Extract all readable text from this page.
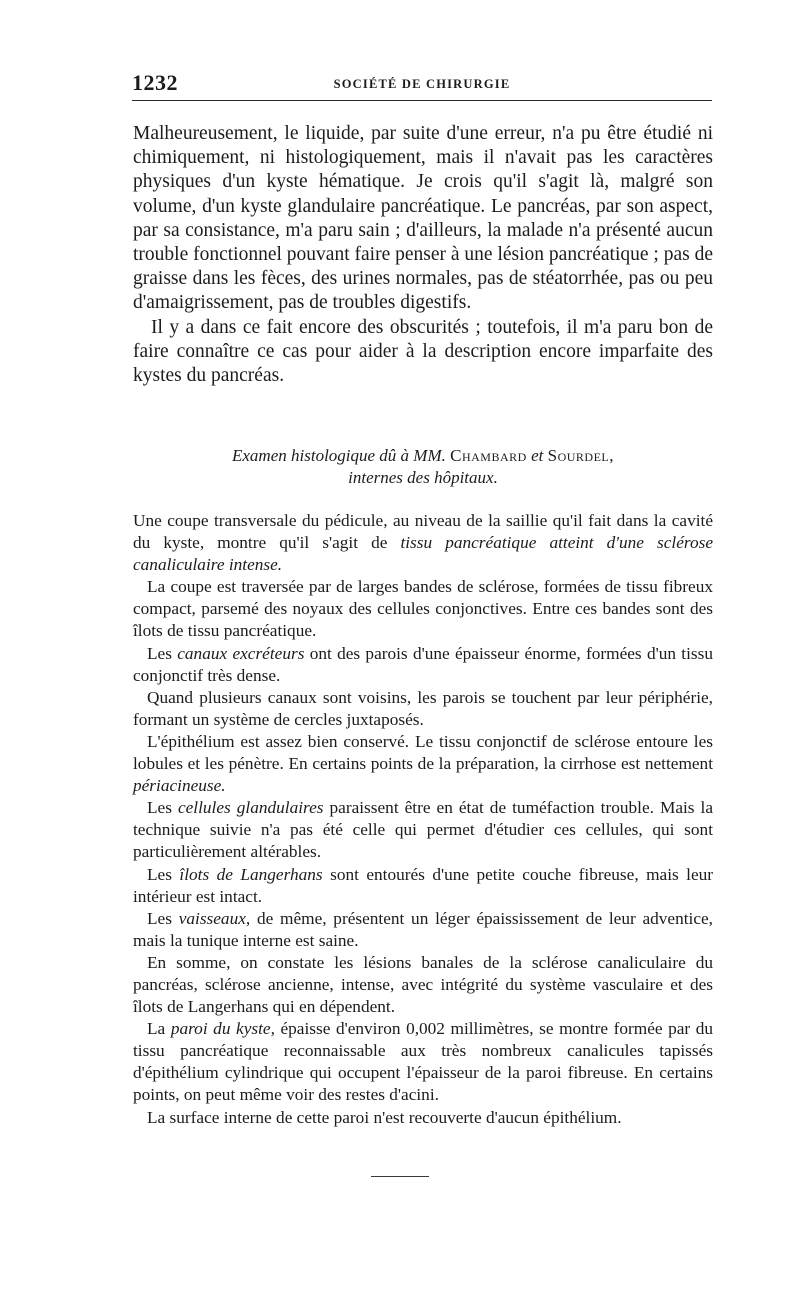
1232	SOCIÉTÉ DE CHIRURGIE

Malheureusement, le liquide, par suite d'une erreur, n'a pu être étudié ni chimiquement, ni histologiquement, mais il n'avait pas les caractères physiques d'un kyste hématique. Je crois qu'il s'agit là, malgré son volume, d'un kyste glandulaire pancréatique. Le pancréas, par son aspect, par sa consistance, m'a paru sain ; d'ailleurs, la malade n'a présenté aucun trouble fonctionnel pouvant faire penser à une lésion pancréatique ; pas de graisse dans les fèces, des urines normales, pas de stéatorrhée, pas ou peu d'amaigrissement, pas de troubles digestifs.

Il y a dans ce fait encore des obscurités ; toutefois, il m'a paru bon de faire connaître ce cas pour aider à la description encore imparfaite des kystes du pancréas.

Examen histologique dû à MM. Chambard et Sourdel,
internes des hôpitaux.

Une coupe transversale du pédicule, au niveau de la saillie qu'il fait dans la cavité du kyste, montre qu'il s'agit de tissu pancréatique atteint d'une sclérose canaliculaire intense.

La coupe est traversée par de larges bandes de sclérose, formées de tissu fibreux compact, parsemé des noyaux des cellules conjonctives. Entre ces bandes sont des îlots de tissu pancréatique.

Les canaux excréteurs ont des parois d'une épaisseur énorme, formées d'un tissu conjonctif très dense.

Quand plusieurs canaux sont voisins, les parois se touchent par leur périphérie, formant un système de cercles juxtaposés.

L'épithélium est assez bien conservé. Le tissu conjonctif de sclérose entoure les lobules et les pénètre. En certains points de la préparation, la cirrhose est nettement périacineuse.

Les cellules glandulaires paraissent être en état de tuméfaction trouble. Mais la technique suivie n'a pas été celle qui permet d'étudier ces cellules, qui sont particulièrement altérables.

Les îlots de Langerhans sont entourés d'une petite couche fibreuse, mais leur intérieur est intact.

Les vaisseaux, de même, présentent un léger épaississement de leur adventice, mais la tunique interne est saine.

En somme, on constate les lésions banales de la sclérose canaliculaire du pancréas, sclérose ancienne, intense, avec intégrité du système vasculaire et des îlots de Langerhans qui en dépendent.

La paroi du kyste, épaisse d'environ 0,002 millimètres, se montre formée par du tissu pancréatique reconnaissable aux très nombreux canalicules tapissés d'épithélium cylindrique qui occupent l'épaisseur de la paroi fibreuse. En certains points, on peut même voir des restes d'acini.

La surface interne de cette paroi n'est recouverte d'aucun épithélium.
